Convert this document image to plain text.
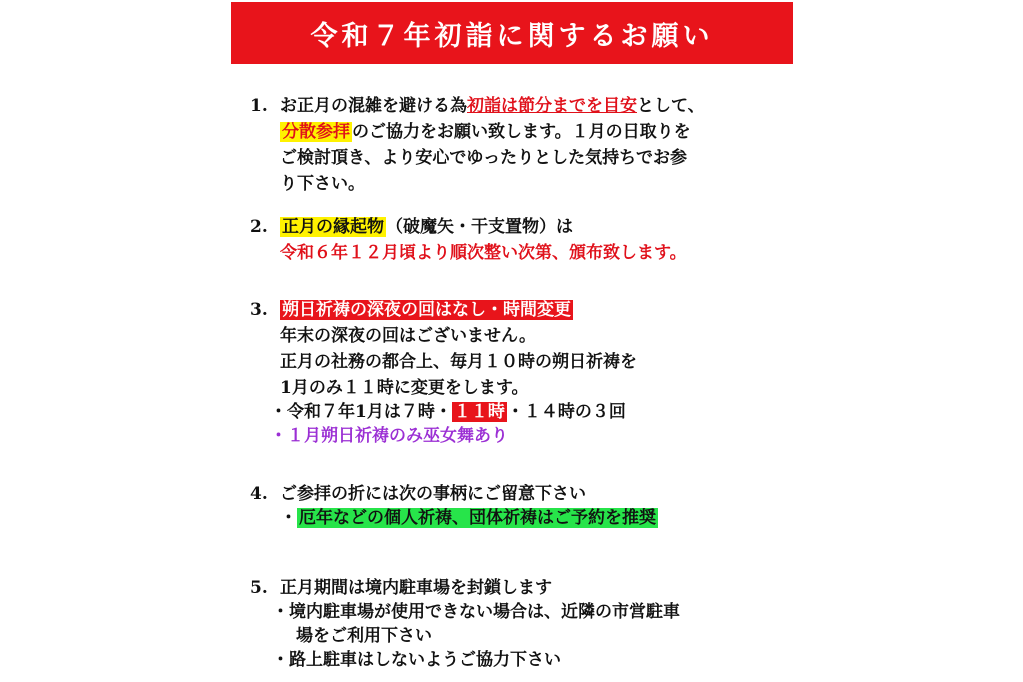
令和７年初詣に関するお願い
1. お正月の混雑を避ける為初詣は節分までを目安として、
分散参拝 のご協力をお願い致します。１月の日取りを
ご検討頂き、より安心でゆったりとした気持ちでお参
り下さい。
2. 正月の縁起物 （破魔矢・干支置物）は
令和６年１２月頃より順次整い次第、頒布致します。
3. 朔日祈祷の深夜の回はなし・時間変更
年末の深夜の回はございません。
正月の社務の都合上、毎月１０時の朔日祈祷を
1月のみ１１時に変更をします。
・令和７年1月は７時・ １１時 ・１４時の３回
・１月朔日祈祷のみ巫女舞あり
4. ご参拝の折には次の事柄にご留意下さい
・ 厄年などの個人祈祷、団体祈祷はご予約を推奨
5. 正月期間は境内駐車場を封鎖します
・境内駐車場が使用できない場合は、近隣の市営駐車
場をご利用下さい
・路上駐車はしないようご協力下さい
